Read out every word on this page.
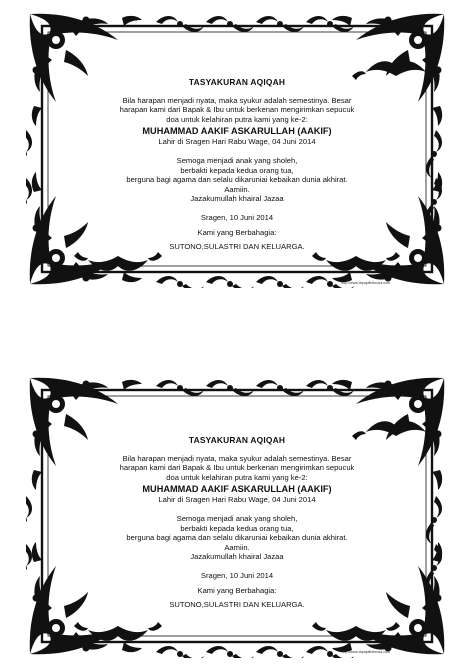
TASYAKURAN AQIQAH
Bila harapan menjadi nyata, maka syukur adalah semestinya. Besar
harapan kami dari Bapak & Ibu untuk berkenan mengirimkan sepucuk
doa untuk kelahiran putra kami yang ke-2:
MUHAMMAD AAKIF ASKARULLAH (AAKIF)
Lahir di Sragen Hari Rabu Wage, 04 Juni 2014
Semoga menjadi anak yang sholeh,
berbakti kepada kedua orang tua,
berguna bagi agama dan selalu dikaruniai kebaikan dunia akhirat.
Aamiin.
Jazakumullah khairal Jazaa
Sragen, 10 Juni 2014
Kami yang Berbahagia:
SUTONO,SULASTRI DAN KELUARGA.
http://www.dcpapffulbrusa.com
TASYAKURAN AQIQAH
Bila harapan menjadi nyata, maka syukur adalah semestinya. Besar
harapan kami dari Bapak & Ibu untuk berkenan mengirimkan sepucuk
doa untuk kelahiran putra kami yang ke-2:
MUHAMMAD AAKIF ASKARULLAH (AAKIF)
Lahir di Sragen Hari Rabu Wage, 04 Juni 2014
Semoga menjadi anak yang sholeh,
berbakti kepada kedua orang tua,
berguna bagi agama dan selalu dikaruniai kebaikan dunia akhirat.
Aamiin.
Jazakumullah khairal Jazaa
Sragen, 10 Juni 2014
Kami yang Berbahagia:
SUTONO,SULASTRI DAN KELUARGA.
http://www.dcpapffulbrusa.com
